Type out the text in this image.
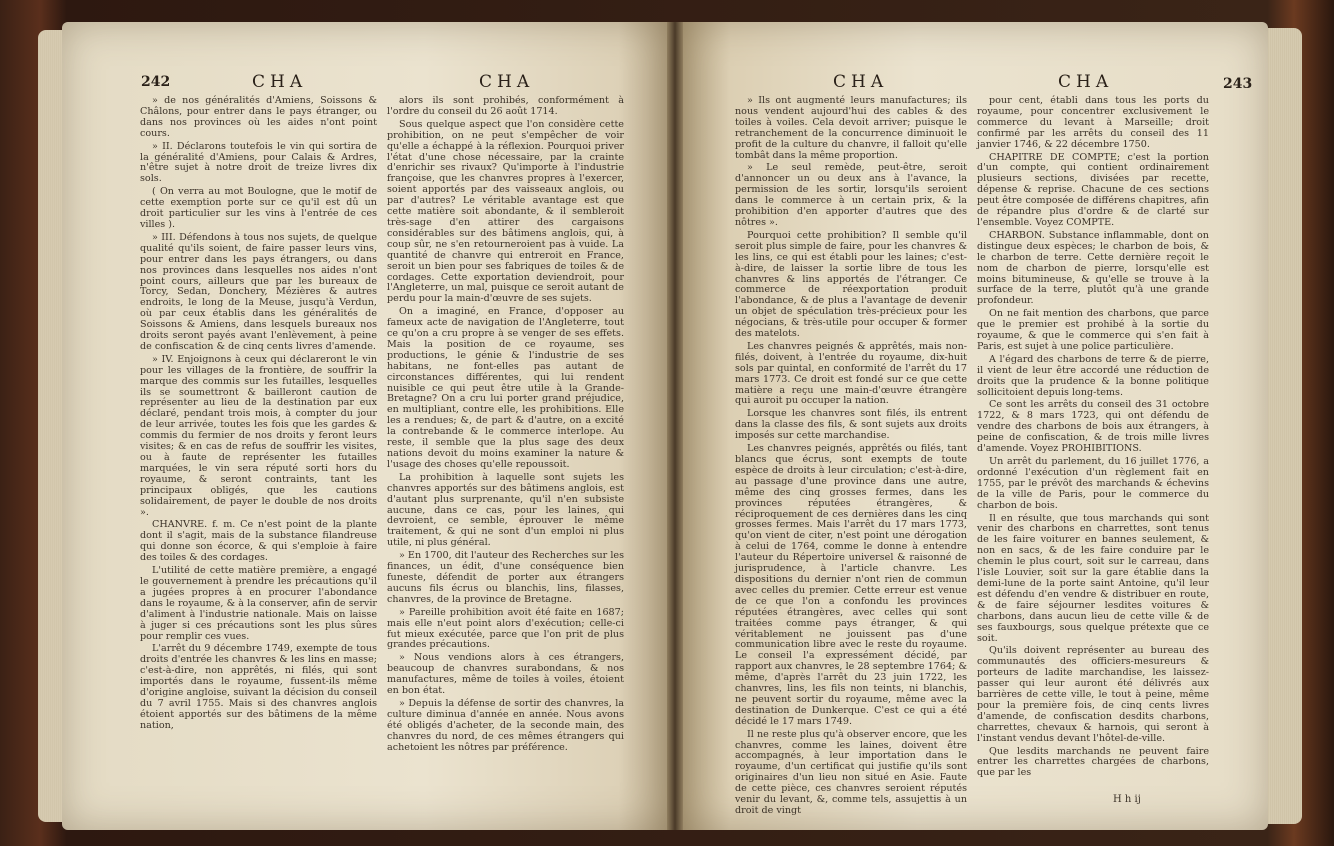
242	CHA	CHA

» de nos généralités d'Amiens, Soissons & Châlons, pour entrer dans le pays étranger, ou dans nos provinces où les aides n'ont point cours.

» II. Déclarons toutefois le vin qui sortira de la généralité d'Amiens, pour Calais & Ardres, n'être sujet à notre droit de treize livres dix sols.

( On verra au mot Boulogne, que le motif de cette exemption porte sur ce qu'il est dû un droit particulier sur les vins à l'entrée de ces villes ).

» III. Défendons à tous nos sujets, de quelque qualité qu'ils soient, de faire passer leurs vins, pour entrer dans les pays étrangers, ou dans nos provinces dans lesquelles nos aides n'ont point cours, ailleurs que par les bureaux de Torcy, Sedan, Donchery, Mézières & autres endroits, le long de la Meuse, jusqu'à Verdun, où par ceux établis dans les généralités de Soissons & Amiens, dans lesquels bureaux nos droits seront payés avant l'enlèvement, à peine de confiscation & de cinq cents livres d'amende.

» IV. Enjoignons à ceux qui déclareront le vin pour les villages de la frontière, de souffrir la marque des commis sur les futailles, lesquelles ils se soumettront & bailleront caution de représenter au lieu de la destination par eux déclaré, pendant trois mois, à compter du jour de leur arrivée, toutes les fois que les gardes & commis du fermier de nos droits y feront leurs visites; & en cas de refus de souffrir les visites, ou à faute de représenter les futailles marquées, le vin sera réputé sorti hors du royaume, & seront contraints, tant les principaux obligés, que les cautions solidairement, de payer le double de nos droits ».

CHANVRE. f. m. Ce n'est point de la plante dont il s'agit, mais de la substance filandreuse qui donne son écorce, & qui s'emploie à faire des toiles & des cordages.

L'utilité de cette matière première, a engagé le gouvernement à prendre les précautions qu'il a jugées propres à en procurer l'abondance dans le royaume, & à la conserver, afin de servir d'aliment à l'industrie nationale. Mais on laisse à juger si ces précautions sont les plus sûres pour remplir ces vues.

L'arrêt du 9 décembre 1749, exempte de tous droits d'entrée les chanvres & les lins en masse; c'est-à-dire, non apprêtés, ni filés, qui sont importés dans le royaume, fussent-ils même d'origine angloise, suivant la décision du conseil du 7 avril 1755. Mais si des chanvres anglois étoient apportés sur des bâtimens de la même nation,

alors ils sont prohibés, conformément à l'ordre du conseil du 26 août 1714.

Sous quelque aspect que l'on considère cette prohibition, on ne peut s'empêcher de voir qu'elle a échappé à la réflexion. Pourquoi priver l'état d'une chose nécessaire, par la crainte d'enrichir ses rivaux? Qu'importe à l'industrie françoise, que les chanvres propres à l'exercer, soient apportés par des vaisseaux anglois, ou par d'autres? Le véritable avantage est que cette matière soit abondante, & il sembleroit très-sage d'en attirer des cargaisons considérables sur des bâtimens anglois, qui, à coup sûr, ne s'en retourneroient pas à vuide. La quantité de chanvre qui entreroit en France, seroit un bien pour ses fabriques de toiles & de cordages. Cette exportation deviendroit, pour l'Angleterre, un mal, puisque ce seroit autant de perdu pour la main-d'œuvre de ses sujets.

On a imaginé, en France, d'opposer au fameux acte de navigation de l'Angleterre, tout ce qu'on a cru propre à se venger de ses effets. Mais la position de ce royaume, ses productions, le génie & l'industrie de ses habitans, ne font-elles pas autant de circonstances différentes, qui lui rendent nuisible ce qui peut être utile à la Grande-Bretagne? On a cru lui porter grand préjudice, en multipliant, contre elle, les prohibitions. Elle les a rendues; &, de part & d'autre, on a excité la contrebande & le commerce interlope. Au reste, il semble que la plus sage des deux nations devoit du moins examiner la nature & l'usage des choses qu'elle repoussoit.

La prohibition à laquelle sont sujets les chanvres apportés sur des bâtimens anglois, est d'autant plus surprenante, qu'il n'en subsiste aucune, dans ce cas, pour les laines, qui devroient, ce semble, éprouver le même traitement, & qui ne sont d'un emploi ni plus utile, ni plus général.

» En 1700, dit l'auteur des Recherches sur les finances, un édit, d'une conséquence bien funeste, défendit de porter aux étrangers aucuns fils écrus ou blanchis, lins, filasses, chanvres, de la province de Bretagne.

» Pareille prohibition avoit été faite en 1687; mais elle n'eut point alors d'exécution; celle-ci fut mieux exécutée, parce que l'on prit de plus grandes précautions.

» Nous vendions alors à ces étrangers, beaucoup de chanvres surabondans, & nos manufactures, même de toiles à voiles, étoient en bon état.

» Depuis la défense de sortir des chanvres, la culture diminua d'année en année. Nous avons été obligés d'acheter, de la seconde main, des chanvres du nord, de ces mêmes étrangers qui achetoient les nôtres par préférence.

CHA	CHA	243

» Ils ont augmenté leurs manufactures; ils nous vendent aujourd'hui des cables & des toiles à voiles. Cela devoit arriver; puisque le retranchement de la concurrence diminuoit le profit de la culture du chanvre, il falloit qu'elle tombât dans la même proportion.

» Le seul remède, peut-être, seroit d'annoncer un ou deux ans à l'avance, la permission de les sortir, lorsqu'ils seroient dans le commerce à un certain prix, & la prohibition d'en apporter d'autres que des nôtres ».

Pourquoi cette prohibition? Il semble qu'il seroit plus simple de faire, pour les chanvres & les lins, ce qui est établi pour les laines; c'est-à-dire, de laisser la sortie libre de tous les chanvres & lins apportés de l'étranger. Ce commerce de réexportation produit l'abondance, & de plus a l'avantage de devenir un objet de spéculation très-précieux pour les négocians, & très-utile pour occuper & former des matelots.

Les chanvres peignés & apprêtés, mais non-filés, doivent, à l'entrée du royaume, dix-huit sols par quintal, en conformité de l'arrêt du 17 mars 1773. Ce droit est fondé sur ce que cette matière a reçu une main-d'œuvre étrangère qui auroit pu occuper la nation.

Lorsque les chanvres sont filés, ils entrent dans la classe des fils, & sont sujets aux droits imposés sur cette marchandise.

Les chanvres peignés, apprêtés ou filés, tant blancs que écrus, sont exempts de toute espèce de droits à leur circulation; c'est-à-dire, au passage d'une province dans une autre, même des cinq grosses fermes, dans les provinces réputées étrangères, & réciproquement de ces dernières dans les cinq grosses fermes. Mais l'arrêt du 17 mars 1773, qu'on vient de citer, n'est point une dérogation à celui de 1764, comme le donne à entendre l'auteur du Répertoire universel & raisonné de jurisprudence, à l'article chanvre. Les dispositions du dernier n'ont rien de commun avec celles du premier. Cette erreur est venue de ce que l'on a confondu les provinces réputées étrangères, avec celles qui sont traitées comme pays étranger, & qui véritablement ne jouissent pas d'une communication libre avec le reste du royaume. Le conseil l'a expressément décidé, par rapport aux chanvres, le 28 septembre 1764; & même, d'après l'arrêt du 23 juin 1722, les chanvres, lins, les fils non teints, ni blanchis, ne peuvent sortir du royaume, même avec la destination de Dunkerque. C'est ce qui a été décidé le 17 mars 1749.

Il ne reste plus qu'à observer encore, que les chanvres, comme les laines, doivent être accompagnés, à leur importation dans le royaume, d'un certificat qui justifie qu'ils sont originaires d'un lieu non situé en Asie. Faute de cette pièce, ces chanvres seroient réputés venir du levant, &, comme tels, assujettis à un droit de vingt

pour cent, établi dans tous les ports du royaume, pour concentrer exclusivement le commerce du levant à Marseille; droit confirmé par les arrêts du conseil des 11 janvier 1746, & 22 décembre 1750.

CHAPITRE DE COMPTE; c'est la portion d'un compte, qui contient ordinairement plusieurs sections, divisées par recette, dépense & reprise. Chacune de ces sections peut être composée de différens chapitres, afin de répandre plus d'ordre & de clarté sur l'ensemble. Voyez COMPTE.

CHARBON. Substance inflammable, dont on distingue deux espèces; le charbon de bois, & le charbon de terre. Cette dernière reçoit le nom de charbon de pierre, lorsqu'elle est moins bitumineuse, & qu'elle se trouve à la surface de la terre, plutôt qu'à une grande profondeur.

On ne fait mention des charbons, que parce que le premier est prohibé à la sortie du royaume, & que le commerce qui s'en fait à Paris, est sujet à une police particulière.

A l'égard des charbons de terre & de pierre, il vient de leur être accordé une réduction de droits que la prudence & la bonne politique sollicitoient depuis long-tems.

Ce sont les arrêts du conseil des 31 octobre 1722, & 8 mars 1723, qui ont défendu de vendre des charbons de bois aux étrangers, à peine de confiscation, & de trois mille livres d'amende. Voyez PROHIBITIONS.

Un arrêt du parlement, du 16 juillet 1776, a ordonné l'exécution d'un règlement fait en 1755, par le prévôt des marchands & échevins de la ville de Paris, pour le commerce du charbon de bois.

Il en résulte, que tous marchands qui sont venir des charbons en charrettes, sont tenus de les faire voiturer en bannes seulement, & non en sacs, & de les faire conduire par le chemin le plus court, soit sur le carreau, dans l'isle Louvier, soit sur la gare établie dans la demi-lune de la porte saint Antoine, qu'il leur est défendu d'en vendre & distribuer en route, & de faire séjourner lesdites voitures & charbons, dans aucun lieu de cette ville & de ses fauxbourgs, sous quelque prétexte que ce soit.

Qu'ils doivent représenter au bureau des communautés des officiers-mesureurs & porteurs de ladite marchandise, les laissez-passer qui leur auront été délivrés aux barrières de cette ville, le tout à peine, même pour la première fois, de cinq cents livres d'amende, de confiscation desdits charbons, charrettes, chevaux & harnois, qui seront à l'instant vendus devant l'hôtel-de-ville.

Que lesdits marchands ne peuvent faire entrer les charrettes chargées de charbons, que par les

H h ij
